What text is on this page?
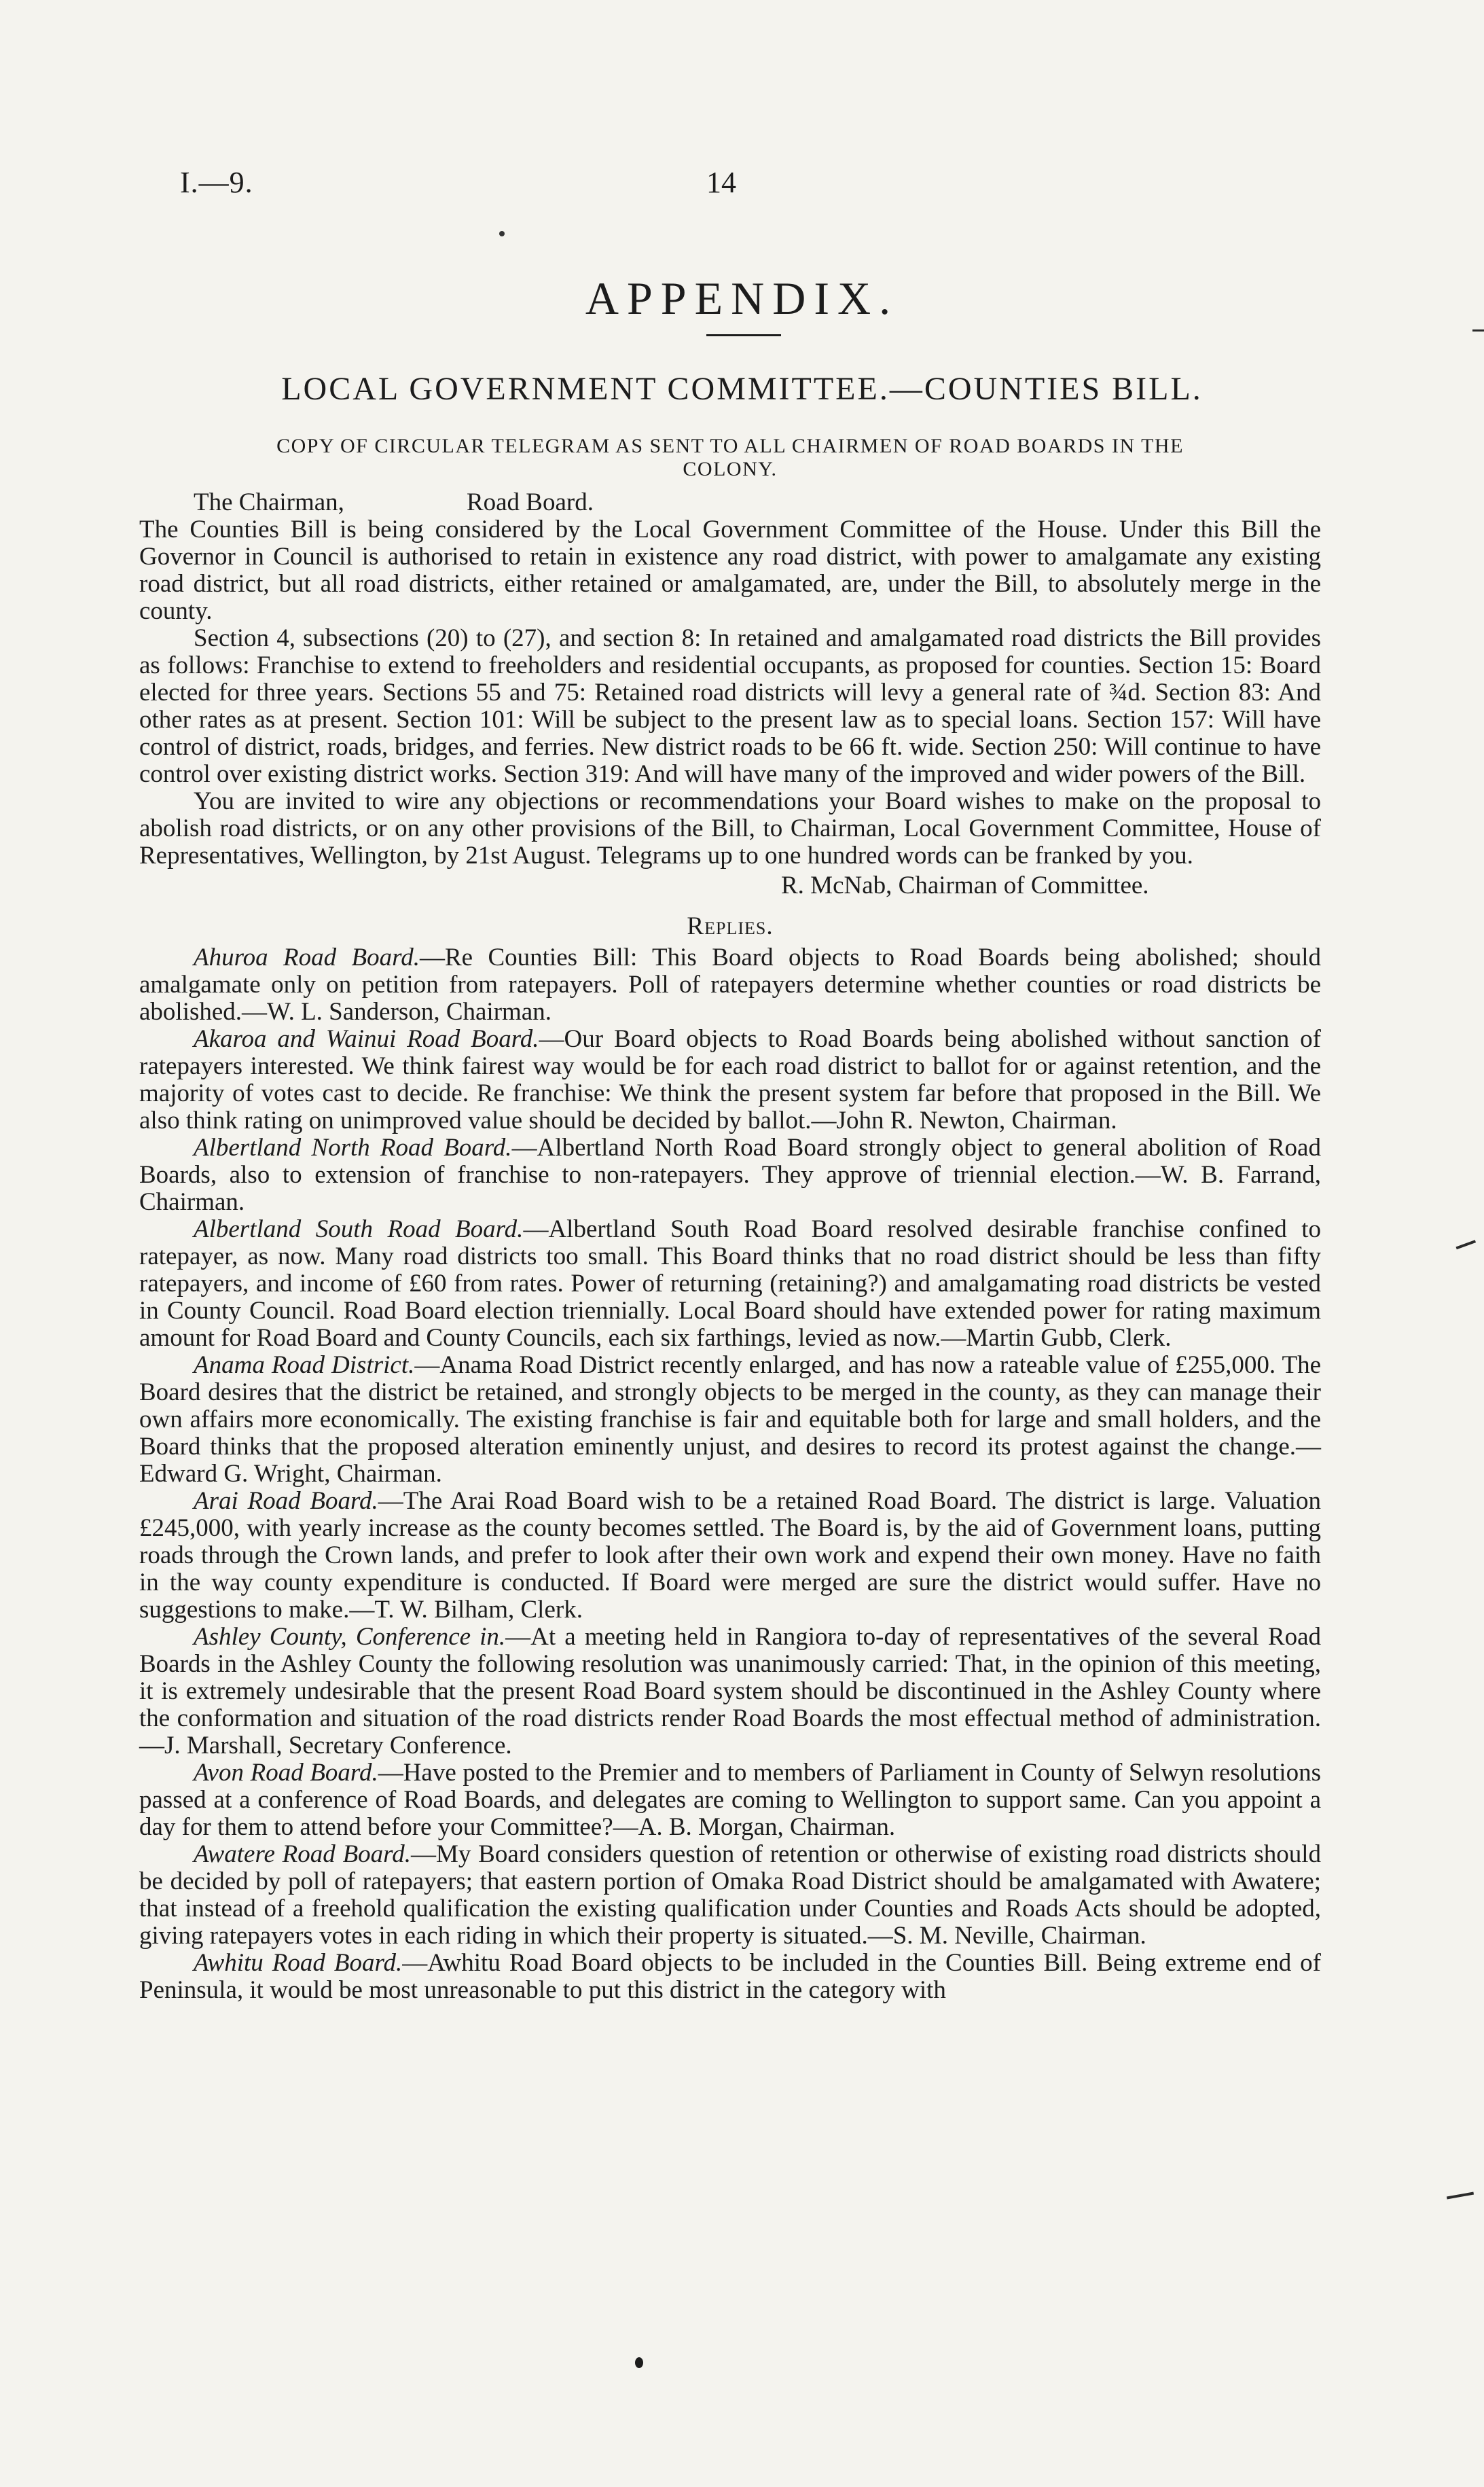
I.—9.	14
APPENDIX.
LOCAL GOVERNMENT COMMITTEE.—COUNTIES BILL.
COPY OF CIRCULAR TELEGRAM AS SENT TO ALL CHAIRMEN OF ROAD BOARDS IN THE
COLONY.
The Chairman,	Road Board.

The Counties Bill is being considered by the Local Government Committee of the House. Under this Bill the Governor in Council is authorised to retain in existence any road district, with power to amalgamate any existing road district, but all road districts, either retained or amalgamated, are, under the Bill, to absolutely merge in the county.

Section 4, subsections (20) to (27), and section 8: In retained and amalgamated road districts the Bill provides as follows: Franchise to extend to freeholders and residential occupants, as proposed for counties. Section 15: Board elected for three years. Sections 55 and 75: Retained road districts will levy a general rate of ¾d. Section 83: And other rates as at present. Section 101: Will be subject to the present law as to special loans. Section 157: Will have control of district, roads, bridges, and ferries. New district roads to be 66 ft. wide. Section 250: Will continue to have control over existing district works. Section 319: And will have many of the improved and wider powers of the Bill.

You are invited to wire any objections or recommendations your Board wishes to make on the proposal to abolish road districts, or on any other provisions of the Bill, to Chairman, Local Government Committee, House of Representatives, Wellington, by 21st August. Telegrams up to one hundred words can be franked by you.

R. McNab, Chairman of Committee.
Replies.

Ahuroa Road Board.—Re Counties Bill: This Board objects to Road Boards being abolished; should amalgamate only on petition from ratepayers. Poll of ratepayers determine whether counties or road districts be abolished.—W. L. Sanderson, Chairman.

Akaroa and Wainui Road Board.—Our Board objects to Road Boards being abolished without sanction of ratepayers interested. We think fairest way would be for each road district to ballot for or against retention, and the majority of votes cast to decide. Re franchise: We think the present system far before that proposed in the Bill. We also think rating on unimproved value should be decided by ballot.—John R. Newton, Chairman.

Albertland North Road Board.—Albertland North Road Board strongly object to general abolition of Road Boards, also to extension of franchise to non-ratepayers. They approve of triennial election.—W. B. Farrand, Chairman.

Albertland South Road Board.—Albertland South Road Board resolved desirable franchise confined to ratepayer, as now. Many road districts too small. This Board thinks that no road district should be less than fifty ratepayers, and income of £60 from rates. Power of returning (retaining?) and amalgamating road districts be vested in County Council. Road Board election triennially. Local Board should have extended power for rating maximum amount for Road Board and County Councils, each six farthings, levied as now.—Martin Gubb, Clerk.

Anama Road District.—Anama Road District recently enlarged, and has now a rateable value of £255,000. The Board desires that the district be retained, and strongly objects to be merged in the county, as they can manage their own affairs more economically. The existing franchise is fair and equitable both for large and small holders, and the Board thinks that the proposed alteration eminently unjust, and desires to record its protest against the change.—Edward G. Wright, Chairman.

Arai Road Board.—The Arai Road Board wish to be a retained Road Board. The district is large. Valuation £245,000, with yearly increase as the county becomes settled. The Board is, by the aid of Government loans, putting roads through the Crown lands, and prefer to look after their own work and expend their own money. Have no faith in the way county expenditure is conducted. If Board were merged are sure the district would suffer. Have no suggestions to make.—T. W. Bilham, Clerk.

Ashley County, Conference in.—At a meeting held in Rangiora to-day of representatives of the several Road Boards in the Ashley County the following resolution was unanimously carried: That, in the opinion of this meeting, it is extremely undesirable that the present Road Board system should be discontinued in the Ashley County where the conformation and situation of the road districts render Road Boards the most effectual method of administration.—J. Marshall, Secretary Conference.

Avon Road Board.—Have posted to the Premier and to members of Parliament in County of Selwyn resolutions passed at a conference of Road Boards, and delegates are coming to Wellington to support same. Can you appoint a day for them to attend before your Committee?—A. B. Morgan, Chairman.

Awatere Road Board.—My Board considers question of retention or otherwise of existing road districts should be decided by poll of ratepayers; that eastern portion of Omaka Road District should be amalgamated with Awatere; that instead of a freehold qualification the existing qualification under Counties and Roads Acts should be adopted, giving ratepayers votes in each riding in which their property is situated.—S. M. Neville, Chairman.

Awhitu Road Board.—Awhitu Road Board objects to be included in the Counties Bill. Being extreme end of Peninsula, it would be most unreasonable to put this district in the category with
